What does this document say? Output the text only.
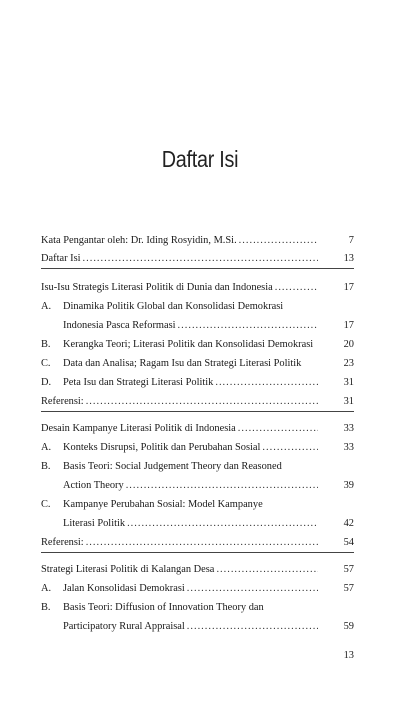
Daftar Isi
Kata Pengantar oleh: Dr. Iding Rosyidin, M.Si. .....	7
Daftar Isi .....	13
Isu-Isu Strategis Literasi Politik di Dunia dan Indonesia .....	17
A.	Dinamika Politik Global dan Konsolidasi Demokrasi
Indonesia Pasca Reformasi .....	17
B.	Kerangka Teori; Literasi Politik dan Konsolidasi Demokrasi	20
C.	Data dan Analisa; Ragam Isu dan Strategi Literasi Politik	23
D.	Peta Isu dan Strategi Literasi Politik .....	31
Referensi: .....	31
Desain Kampanye Literasi Politik di Indonesia .....	33
A.	Konteks Disrupsi, Politik dan Perubahan Sosial .....	33
B.	Basis Teori: Social Judgement Theory dan Reasoned
Action Theory .....	39
C.	Kampanye Perubahan Sosial: Model Kampanye
Literasi Politik .....	42
Referensi: .....	54
Strategi Literasi Politik di Kalangan Desa .....	57
A.	Jalan Konsolidasi Demokrasi .....	57
B.	Basis Teori: Diffusion of Innovation Theory dan
Participatory Rural Appraisal .....	59
13
